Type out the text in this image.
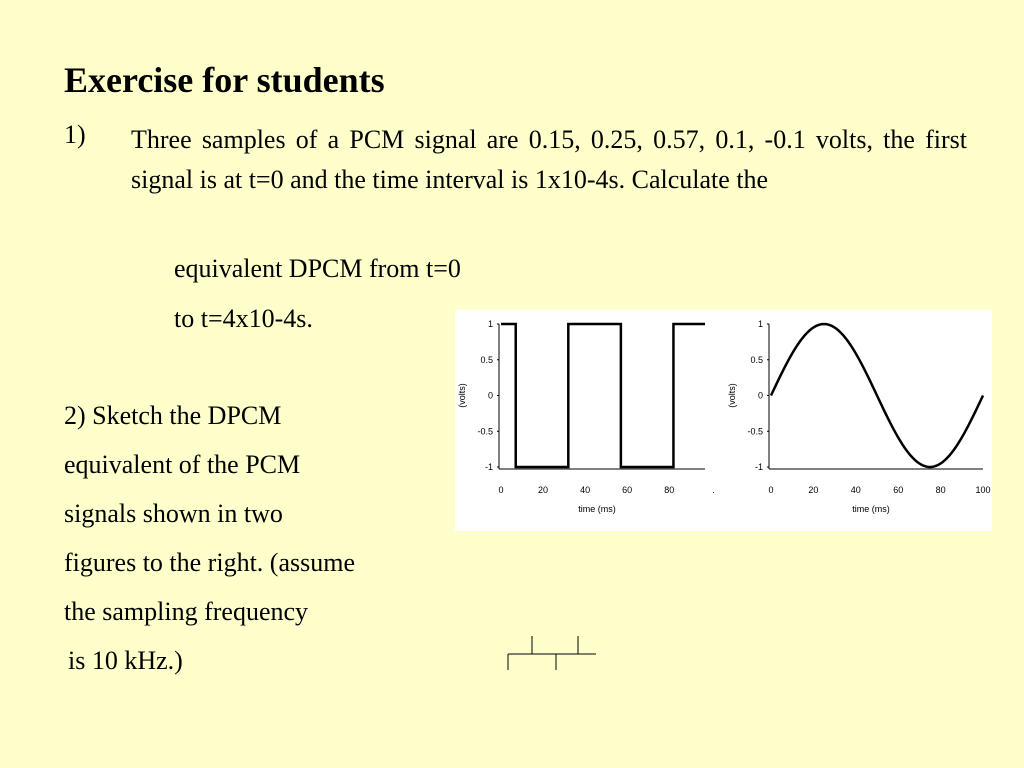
Exercise for students
1) Three samples of a PCM signal are 0.15, 0.25, 0.57, 0.1, -0.1 volts, the first signal is at t=0 and the time interval is 1x10-4s. Calculate the
equivalent DPCM from t=0
to t=4x10-4s.
2) Sketch the DPCM
equivalent of the PCM
signals shown in two
figures to the right. (assume
the sampling frequency
is 10 kHz.)
1
0.5
0
-0.5
-1
0	20	40	60	80	.
time (ms)
(volts)
1
0.5
0
-0.5
-1
0	20	40	60	80	100
time (ms)
(volts)
